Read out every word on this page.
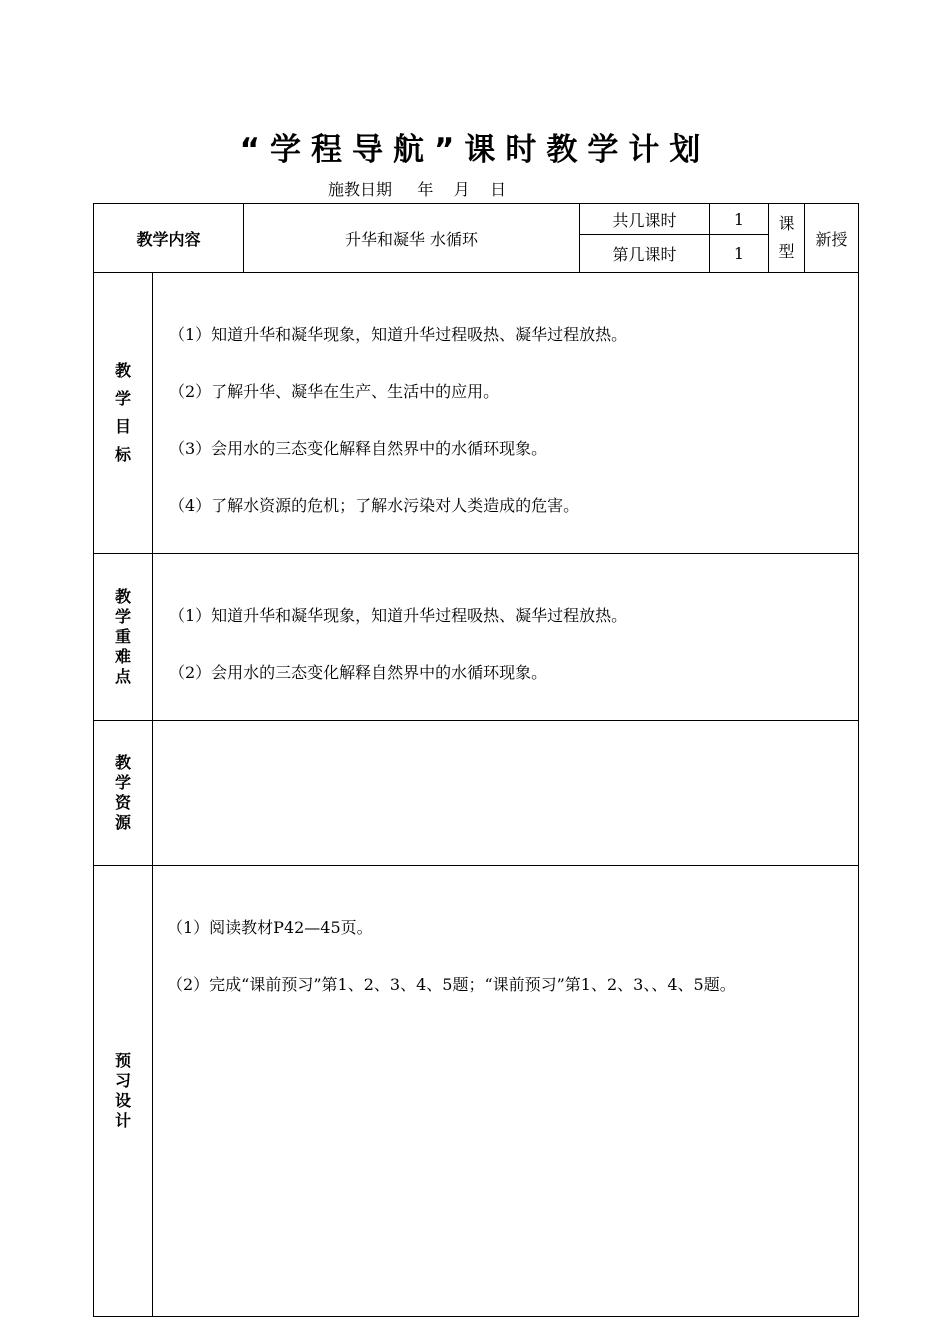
“学程导航”课时教学计划
施教日期     年    月    日
教学内容		升华和凝华 水循环	共几课时	1	课型	新授
			第几课时	1		

教学目标	（1）知道升华和凝华现象，知道升华过程吸热、凝华过程放热。

（2）了解升华、凝华在生产、生活中的应用。

（3）会用水的三态变化解释自然界中的水循环现象。

（4）了解水资源的危机；了解水污染对人类造成的危害。					

教学重难点	（1）知道升华和凝华现象，知道升华过程吸热、凝华过程放热。

（2）会用水的三态变化解释自然界中的水循环现象。					

教学资源						

预习设计	（1）阅读教材P42—45页。

（2）完成“课前预习”第1、2、3、4、5题；“课前预习”第1、2、3、、4、5题。					
